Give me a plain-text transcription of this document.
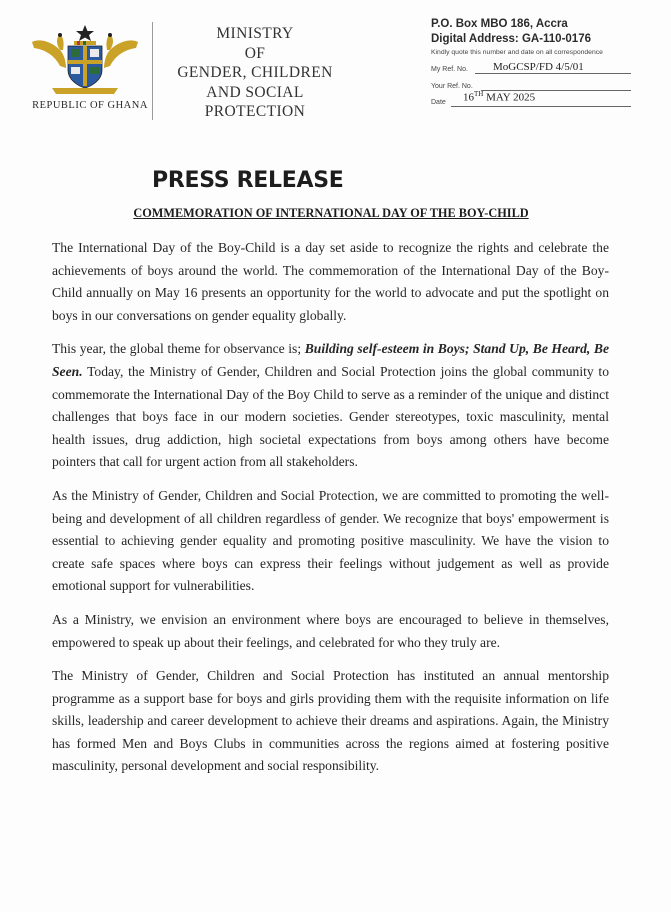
REPUBLIC OF GHANA
MINISTRY
OF
GENDER, CHILDREN
AND SOCIAL
PROTECTION
P.O. Box MBO 186, Accra
Digital Address: GA-110-0176
Kindly quote this number and date on all correspondence
My Ref. No. MoGCSP/FD 4/5/01
Your Ref. No.
Date 16TH MAY 2025
PRESS RELEASE
COMMEMORATION OF INTERNATIONAL DAY OF THE BOY-CHILD

The International Day of the Boy-Child is a day set aside to recognize the rights and celebrate the achievements of boys around the world. The commemoration of the International Day of the Boy-Child annually on May 16 presents an opportunity for the world to advocate and put the spotlight on boys in our conversations on gender equality globally.

This year, the global theme for observance is; Building self-esteem in Boys; Stand Up, Be Heard, Be Seen. Today, the Ministry of Gender, Children and Social Protection joins the global community to commemorate the International Day of the Boy Child to serve as a reminder of the unique and distinct challenges that boys face in our modern societies. Gender stereotypes, toxic masculinity, mental health issues, drug addiction, high societal expectations from boys among others have become pointers that call for urgent action from all stakeholders.

As the Ministry of Gender, Children and Social Protection, we are committed to promoting the well-being and development of all children regardless of gender. We recognize that boys' empowerment is essential to achieving gender equality and promoting positive masculinity. We have the vision to create safe spaces where boys can express their feelings without judgement as well as provide emotional support for vulnerabilities.

As a Ministry, we envision an environment where boys are encouraged to believe in themselves, empowered to speak up about their feelings, and celebrated for who they truly are.

The Ministry of Gender, Children and Social Protection has instituted an annual mentorship programme as a support base for boys and girls providing them with the requisite information on life skills, leadership and career development to achieve their dreams and aspirations. Again, the Ministry has formed Men and Boys Clubs in communities across the regions aimed at fostering positive masculinity, personal development and social responsibility.
